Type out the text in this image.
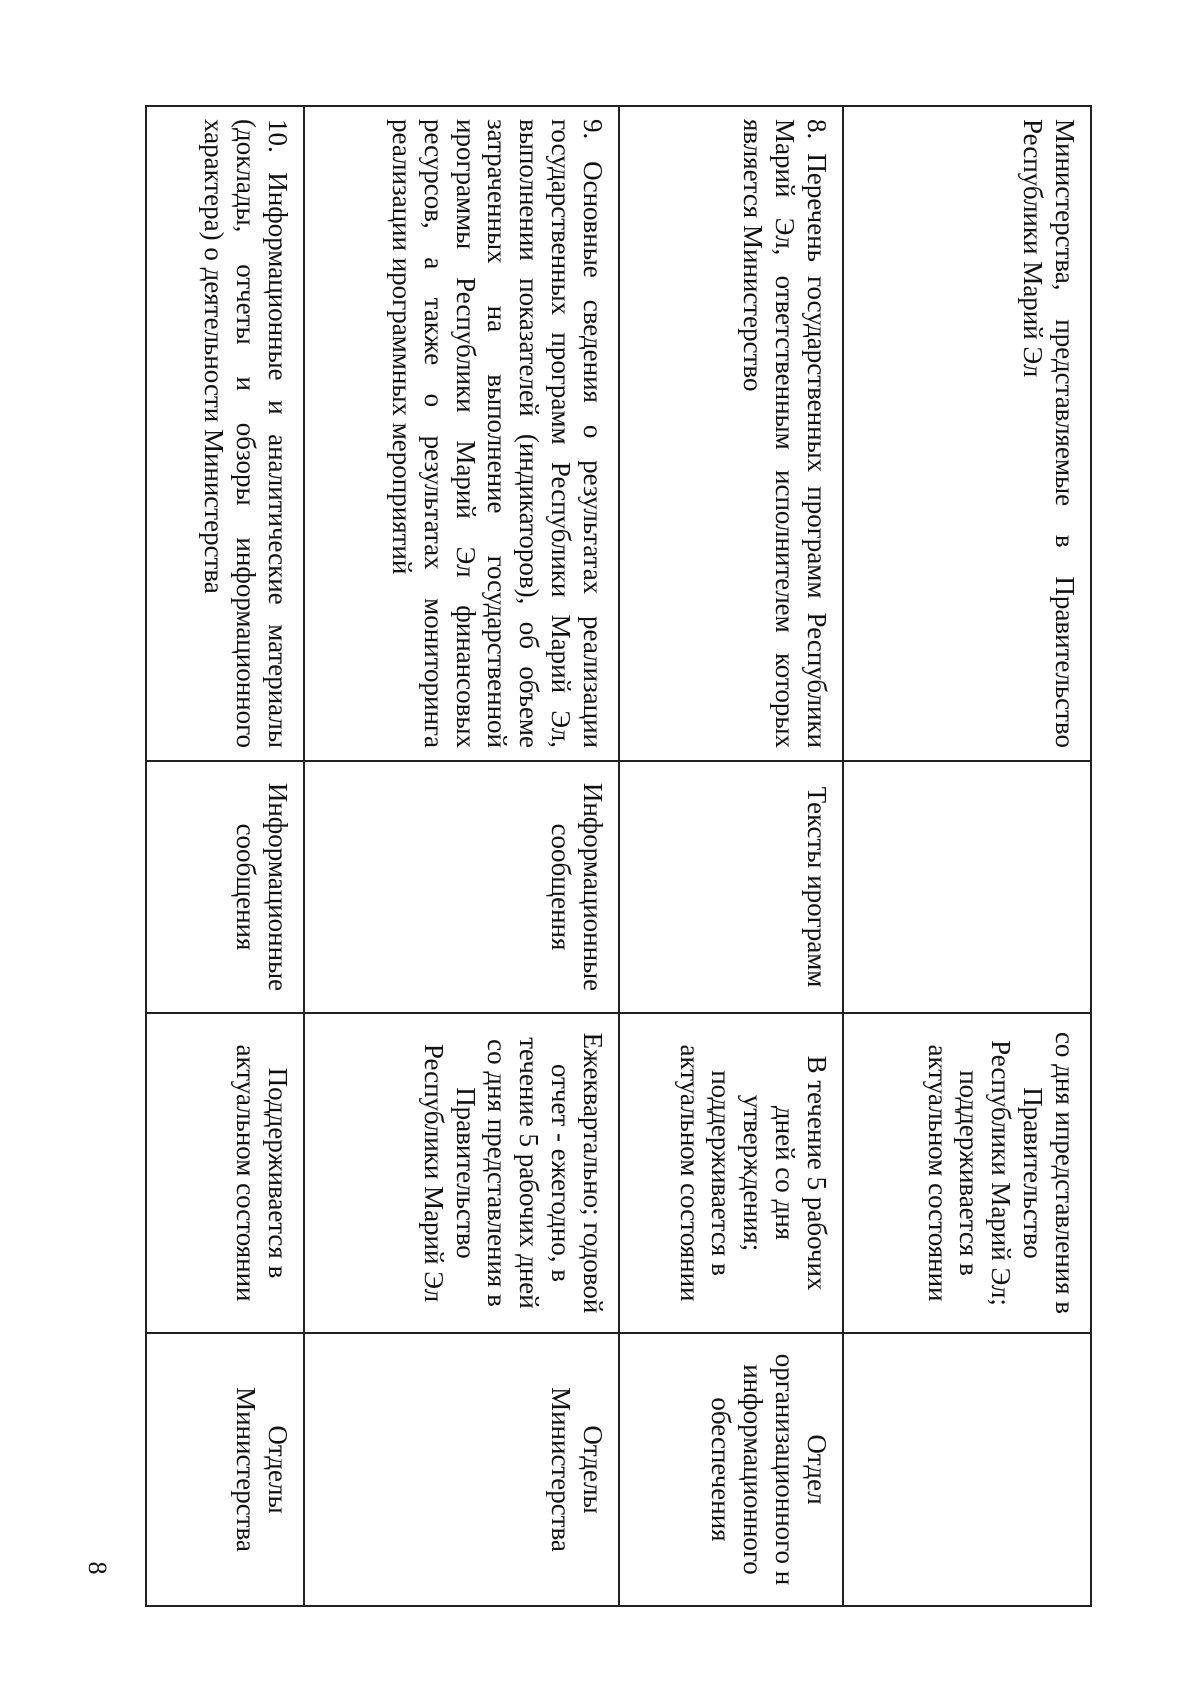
8
Министерства, представляемые в Правительство Республики Марий Эл		со дня ипредставления в Правительство Республики Марий Эл; поддерживается в актуальном состоянии	
8. Перечень государственных программ Республики Марий Эл, ответственным исполнителем которых является Министерство	Тексты ирограмм	В течение 5 рабочих дней со дня утверждения; поддерживается в актуальном состоянии	Отдел организационного н информационного обеспечения
9. Основные сведения о результатах реализации государственных программ Республики Марий Эл, выполнении показателей (индикаторов), об объеме затраченных на выполнение государственной ирограммы Республики Марий Эл финансовых ресурсов, а также о результатах мониторинга реализации ирограммных мероприятий	Информационные сообщення	Ежеквартально; годовой отчет - ежегодно, в течение 5 рабочих дней со дня представления в Правительство Республики Марий Эл	Отделы Министерства
10. Информационные и аналитические материалы (доклады, отчеты и обзоры информационного характера) о деятельности Министерства	Информационные сообщения	Поддерживается в актуальном состоянии	Отделы Министерства
